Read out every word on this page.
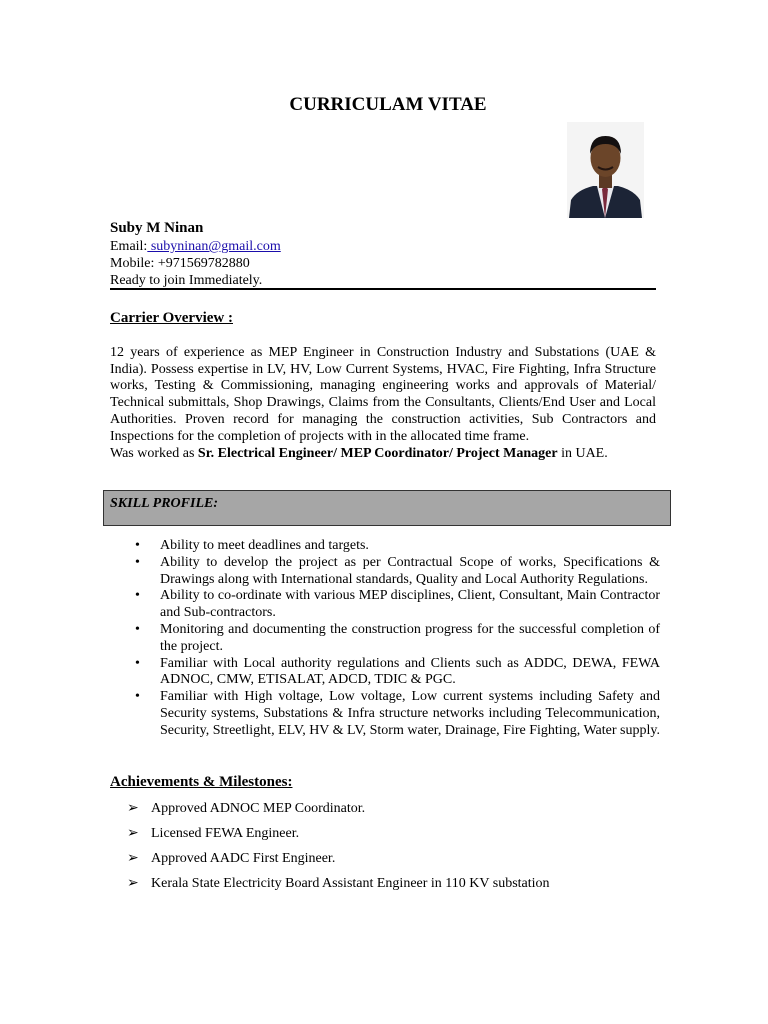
CURRICULAM VITAE
Suby M Ninan
Email: subyninan@gmail.com
Mobile: +971569782880
Ready to join Immediately.
Carrier Overview :
12 years of experience as MEP Engineer in Construction Industry and Substations (UAE & India). Possess expertise in LV, HV, Low Current Systems, HVAC, Fire Fighting, Infra Structure works, Testing & Commissioning, managing engineering works and approvals of Material/ Technical submittals, Shop Drawings, Claims from the Consultants, Clients/End User and Local Authorities. Proven record for managing the construction activities, Sub Contractors and Inspections for the completion of projects with in the allocated time frame.
Was worked as Sr. Electrical Engineer/ MEP Coordinator/ Project Manager in UAE.
SKILL PROFILE:
• Ability to meet deadlines and targets.
• Ability to develop the project as per Contractual Scope of works, Specifications & Drawings along with International standards, Quality and Local Authority Regulations.
• Ability to co-ordinate with various MEP disciplines, Client, Consultant, Main Contractor and Sub-contractors.
• Monitoring and documenting the construction progress for the successful completion of the project.
• Familiar with Local authority regulations and Clients such as ADDC, DEWA, FEWA ADNOC, CMW, ETISALAT, ADCD, TDIC & PGC.
• Familiar with High voltage, Low voltage, Low current systems including Safety and Security systems, Substations & Infra structure networks including Telecommunication, Security, Streetlight, ELV, HV & LV, Storm water, Drainage, Fire Fighting, Water supply.
Achievements & Milestones:
➢ Approved ADNOC MEP Coordinator.
➢ Licensed FEWA Engineer.
➢ Approved AADC First Engineer.
➢ Kerala State Electricity Board Assistant Engineer in 110 KV substation
